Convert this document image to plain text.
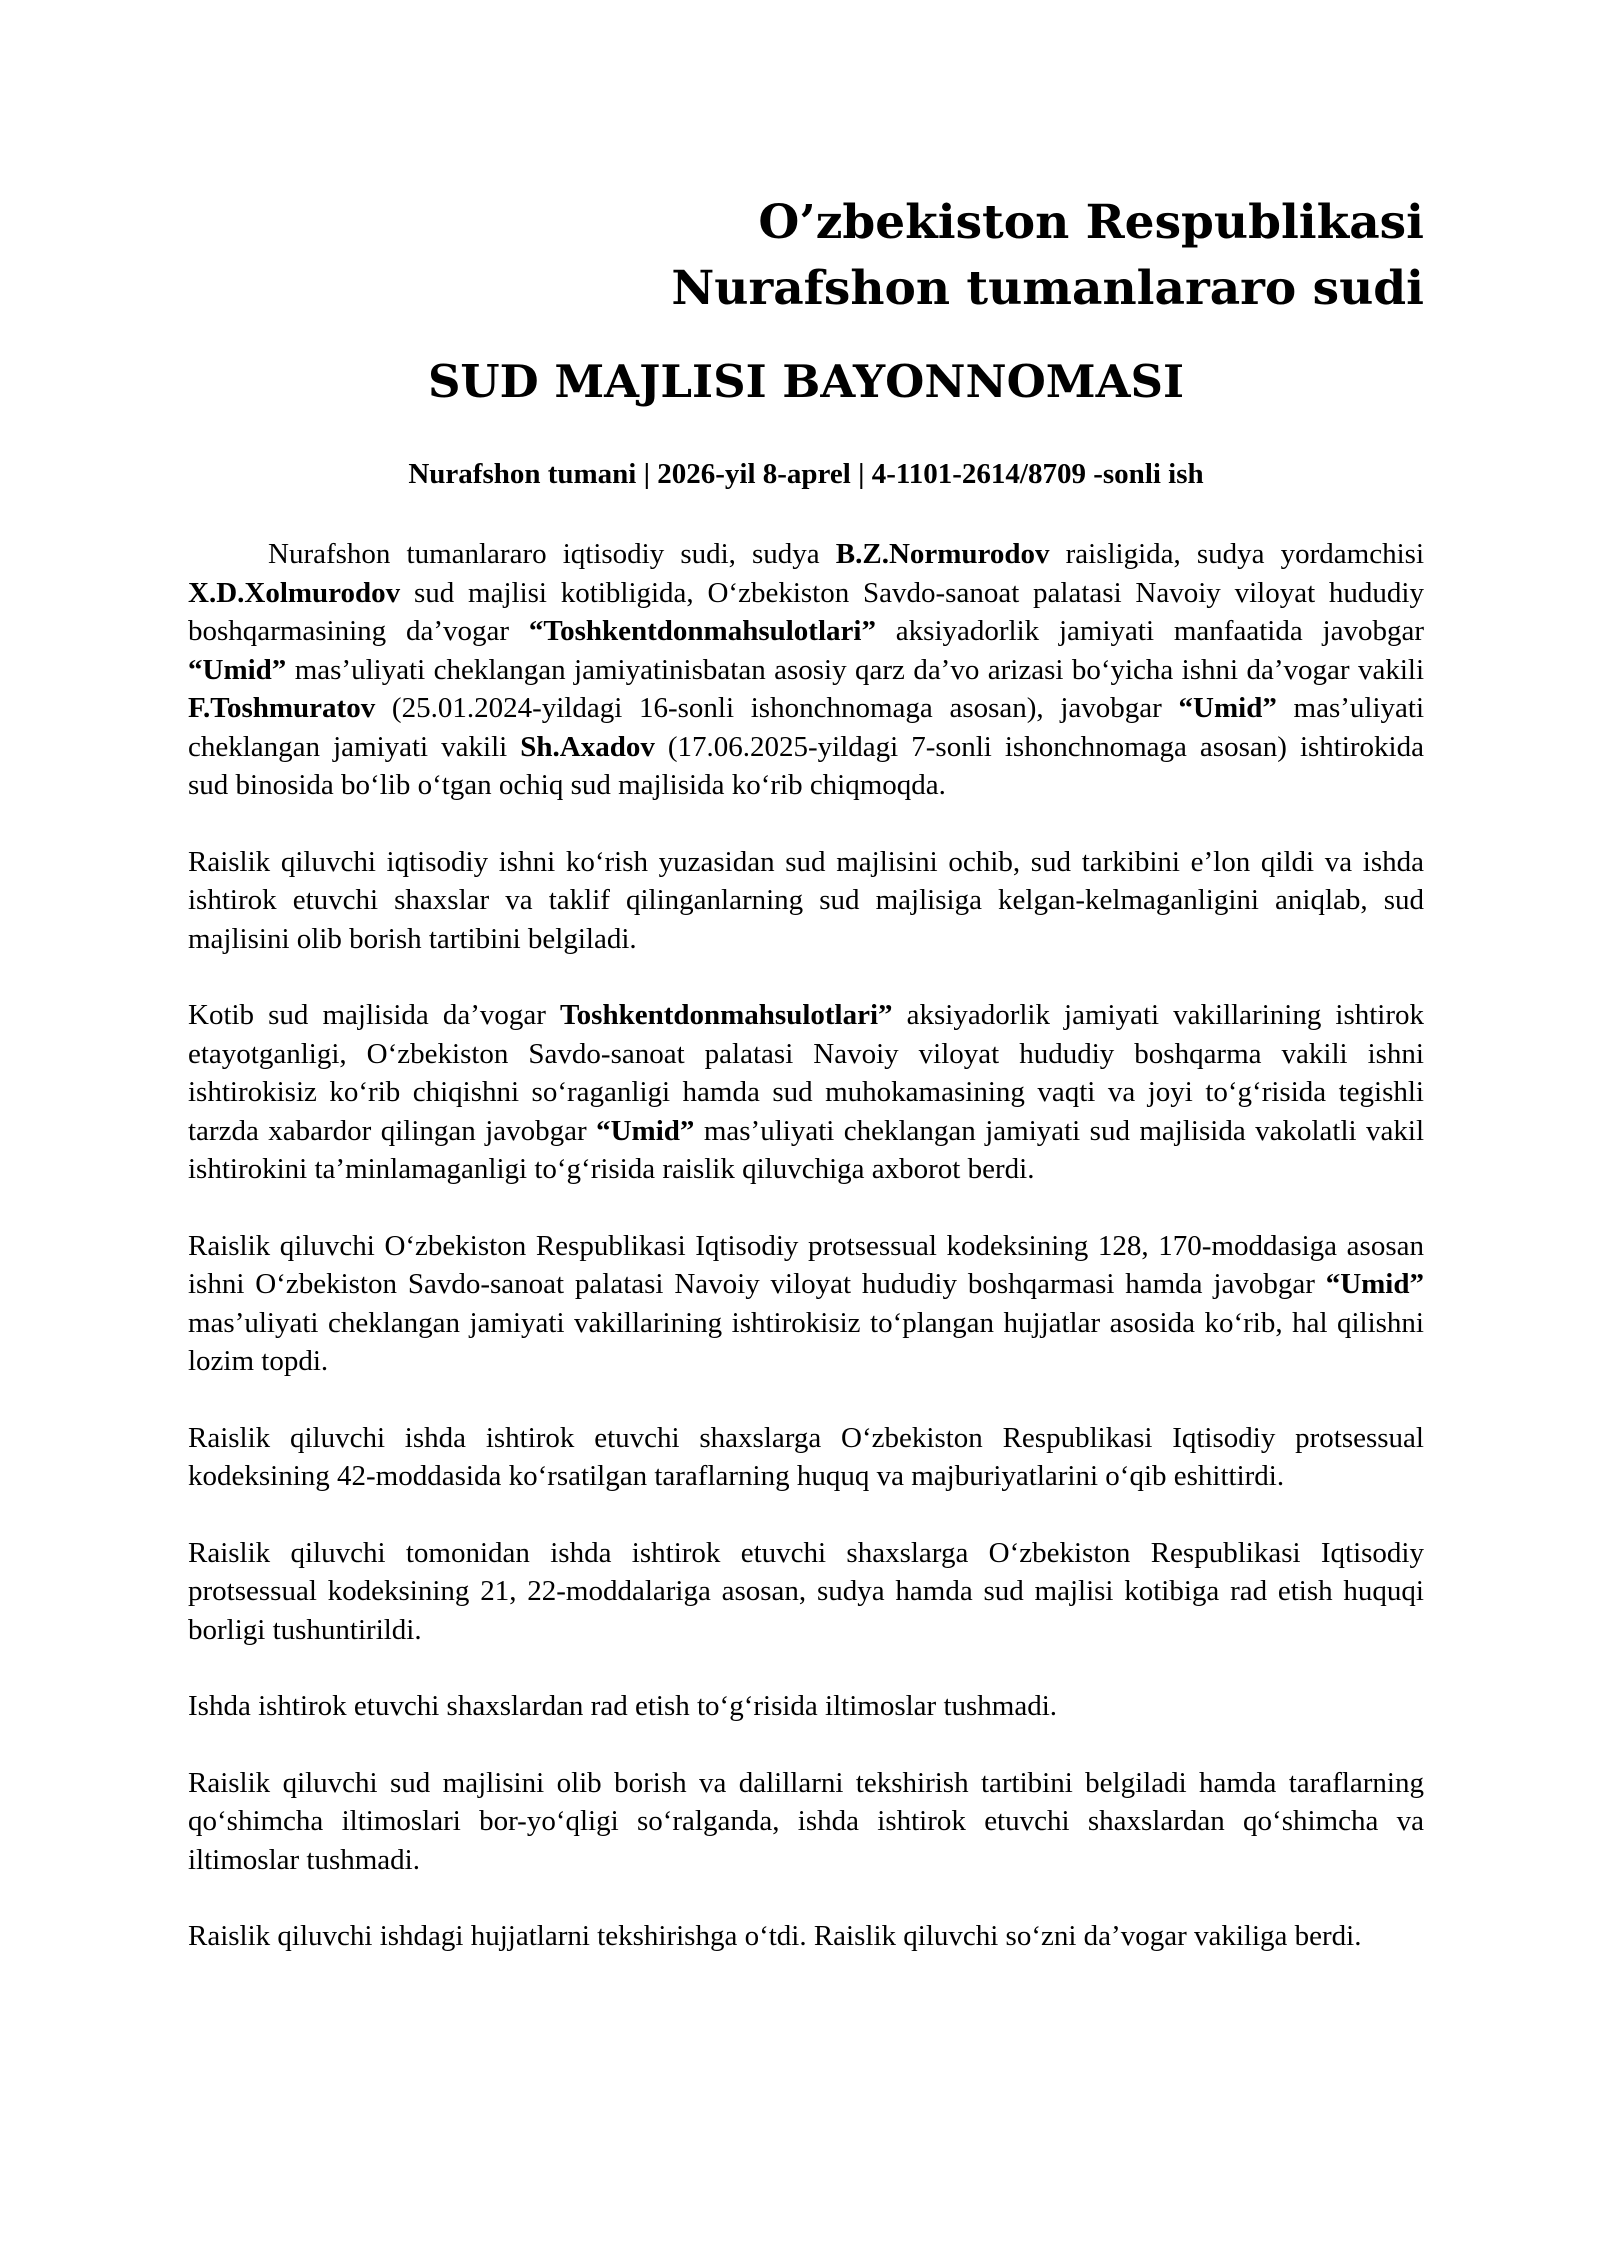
O’zbekiston Respublikasi
Nurafshon tumanlararo sudi
SUD MAJLISI BAYONNOMASI
Nurafshon tumani | 2026-yil 8-aprel | 4-1101-2614/8709 -sonli ish

Nurafshon tumanlararo iqtisodiy sudi, sudya B.Z.Normurodov raisligida, sudya yordamchisi X.D.Xolmurodov sud majlisi kotibligida, O‘zbekiston Savdo-sanoat palatasi Navoiy viloyat hududiy boshqarmasining da’vogar “Toshkentdonmahsulotlari” aksiyadorlik jamiyati manfaatida javobgar “Umid” mas’uliyati cheklangan jamiyatinisbatan asosiy qarz da’vo arizasi bo‘yicha ishni da’vogar vakili F.Toshmuratov (25.01.2024-yildagi 16-sonli ishonchnomaga asosan), javobgar “Umid” mas’uliyati cheklangan jamiyati vakili Sh.Axadov (17.06.2025-yildagi 7-sonli ishonchnomaga asosan) ishtirokida sud binosida bo‘lib o‘tgan ochiq sud majlisida ko‘rib chiqmoqda.

Raislik qiluvchi iqtisodiy ishni ko‘rish yuzasidan sud majlisini ochib, sud tarkibini e’lon qildi va ishda ishtirok etuvchi shaxslar va taklif qilinganlarning sud majlisiga kelgan-kelmaganligini aniqlab, sud majlisini olib borish tartibini belgiladi.

Kotib sud majlisida da’vogar Toshkentdonmahsulotlari” aksiyadorlik jamiyati vakillarining ishtirok etayotganligi, O‘zbekiston Savdo-sanoat palatasi Navoiy viloyat hududiy boshqarma vakili ishni ishtirokisiz ko‘rib chiqishni so‘raganligi hamda sud muhokamasining vaqti va joyi to‘g‘risida tegishli tarzda xabardor qilingan javobgar “Umid” mas’uliyati cheklangan jamiyati sud majlisida vakolatli vakil ishtirokini ta’minlamaganligi to‘g‘risida raislik qiluvchiga axborot berdi.

Raislik qiluvchi O‘zbekiston Respublikasi Iqtisodiy protsessual kodeksining 128, 170-moddasiga asosan ishni O‘zbekiston Savdo-sanoat palatasi Navoiy viloyat hududiy boshqarmasi hamda javobgar “Umid” mas’uliyati cheklangan jamiyati vakillarining ishtirokisiz to‘plangan hujjatlar asosida ko‘rib, hal qilishni lozim topdi.

Raislik qiluvchi ishda ishtirok etuvchi shaxslarga O‘zbekiston Respublikasi Iqtisodiy protsessual kodeksining 42-moddasida ko‘rsatilgan taraflarning huquq va majburiyatlarini o‘qib eshittirdi.

Raislik qiluvchi tomonidan ishda ishtirok etuvchi shaxslarga O‘zbekiston Respublikasi Iqtisodiy protsessual kodeksining 21, 22-moddalariga asosan, sudya hamda sud majlisi kotibiga rad etish huquqi borligi tushuntirildi.

Ishda ishtirok etuvchi shaxslardan rad etish to‘g‘risida iltimoslar tushmadi.

Raislik qiluvchi sud majlisini olib borish va dalillarni tekshirish tartibini belgiladi hamda taraflarning qo‘shimcha iltimoslari bor-yo‘qligi so‘ralganda, ishda ishtirok etuvchi shaxslardan qo‘shimcha va iltimoslar tushmadi.

Raislik qiluvchi ishdagi hujjatlarni tekshirishga o‘tdi. Raislik qiluvchi so‘zni da’vogar vakiliga berdi.
